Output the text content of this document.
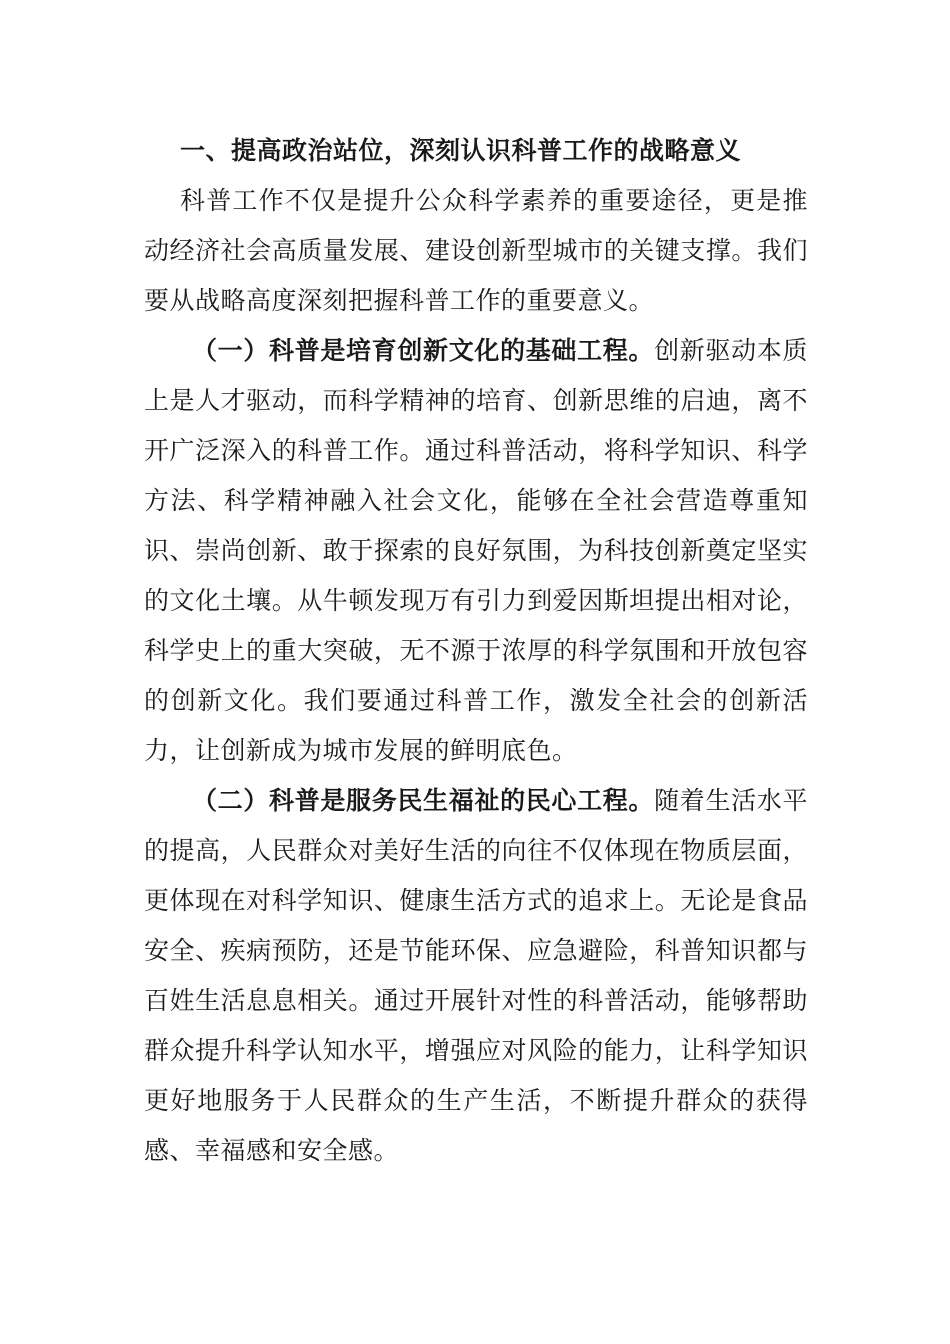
一、提高政治站位，深刻认识科普工作的战略意义

科普工作不仅是提升公众科学素养的重要途径，更是推动经济社会高质量发展、建设创新型城市的关键支撑。我们要从战略高度深刻把握科普工作的重要意义。

（一）科普是培育创新文化的基础工程。创新驱动本质上是人才驱动，而科学精神的培育、创新思维的启迪，离不开广泛深入的科普工作。通过科普活动，将科学知识、科学方法、科学精神融入社会文化，能够在全社会营造尊重知识、崇尚创新、敢于探索的良好氛围，为科技创新奠定坚实的文化土壤。从牛顿发现万有引力到爱因斯坦提出相对论，科学史上的重大突破，无不源于浓厚的科学氛围和开放包容的创新文化。我们要通过科普工作，激发全社会的创新活力，让创新成为城市发展的鲜明底色。

（二）科普是服务民生福祉的民心工程。随着生活水平的提高，人民群众对美好生活的向往不仅体现在物质层面，更体现在对科学知识、健康生活方式的追求上。无论是食品安全、疾病预防，还是节能环保、应急避险，科普知识都与百姓生活息息相关。通过开展针对性的科普活动，能够帮助群众提升科学认知水平，增强应对风险的能力，让科学知识更好地服务于人民群众的生产生活，不断提升群众的获得感、幸福感和安全感。
